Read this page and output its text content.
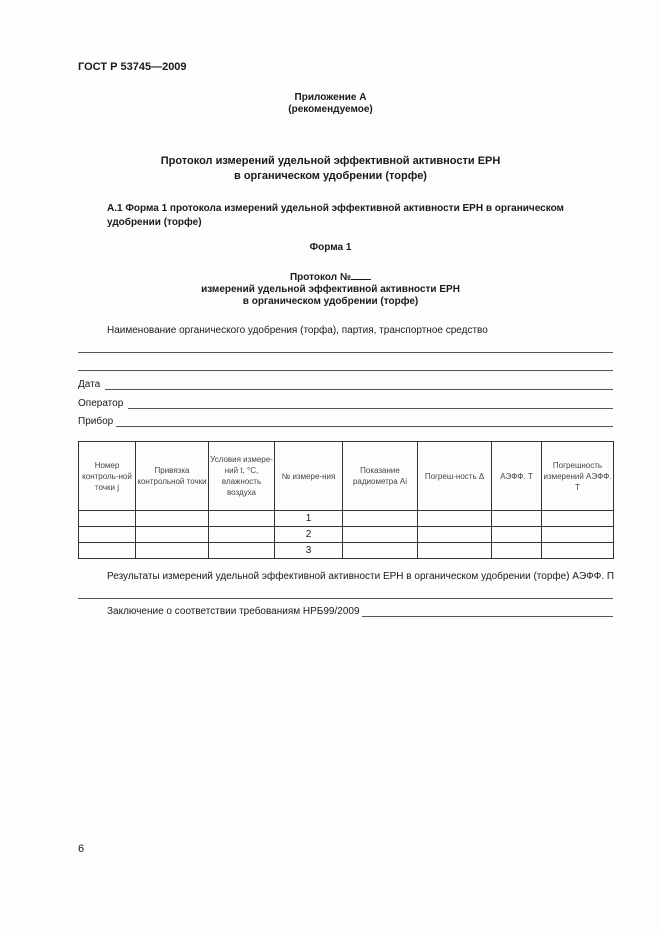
ГОСТ Р 53745—2009
Приложение А
(рекомендуемое)
Протокол измерений удельной эффективной активности ЕРН
в органическом удобрении (торфе)
А.1 Форма 1 протокола измерений удельной эффективной активности ЕРН в органическом удобрении (торфе)
Форма 1
Протокол №
измерений удельной эффективной активности ЕРН
в органическом удобрении (торфе)
Наименование органического удобрения (торфа), партия, транспортное средство
Дата
Оператор
Прибор
Номер контроль-ной точки j	Привязка контрольной точки	Условия измере-ний t, °С, влажность воздуха	№ измере-ния	Показание радиометра Ai	Погреш-ность Δ	AЭФФ. Т	Погрешность измерений AЭФФ. Т
			1				
			2				
			3				
Результаты измерений удельной эффективной активности ЕРН в органическом удобрении (торфе) AЭФФ. П
Заключение о соответствии требованиям НРБ99/2009
6
